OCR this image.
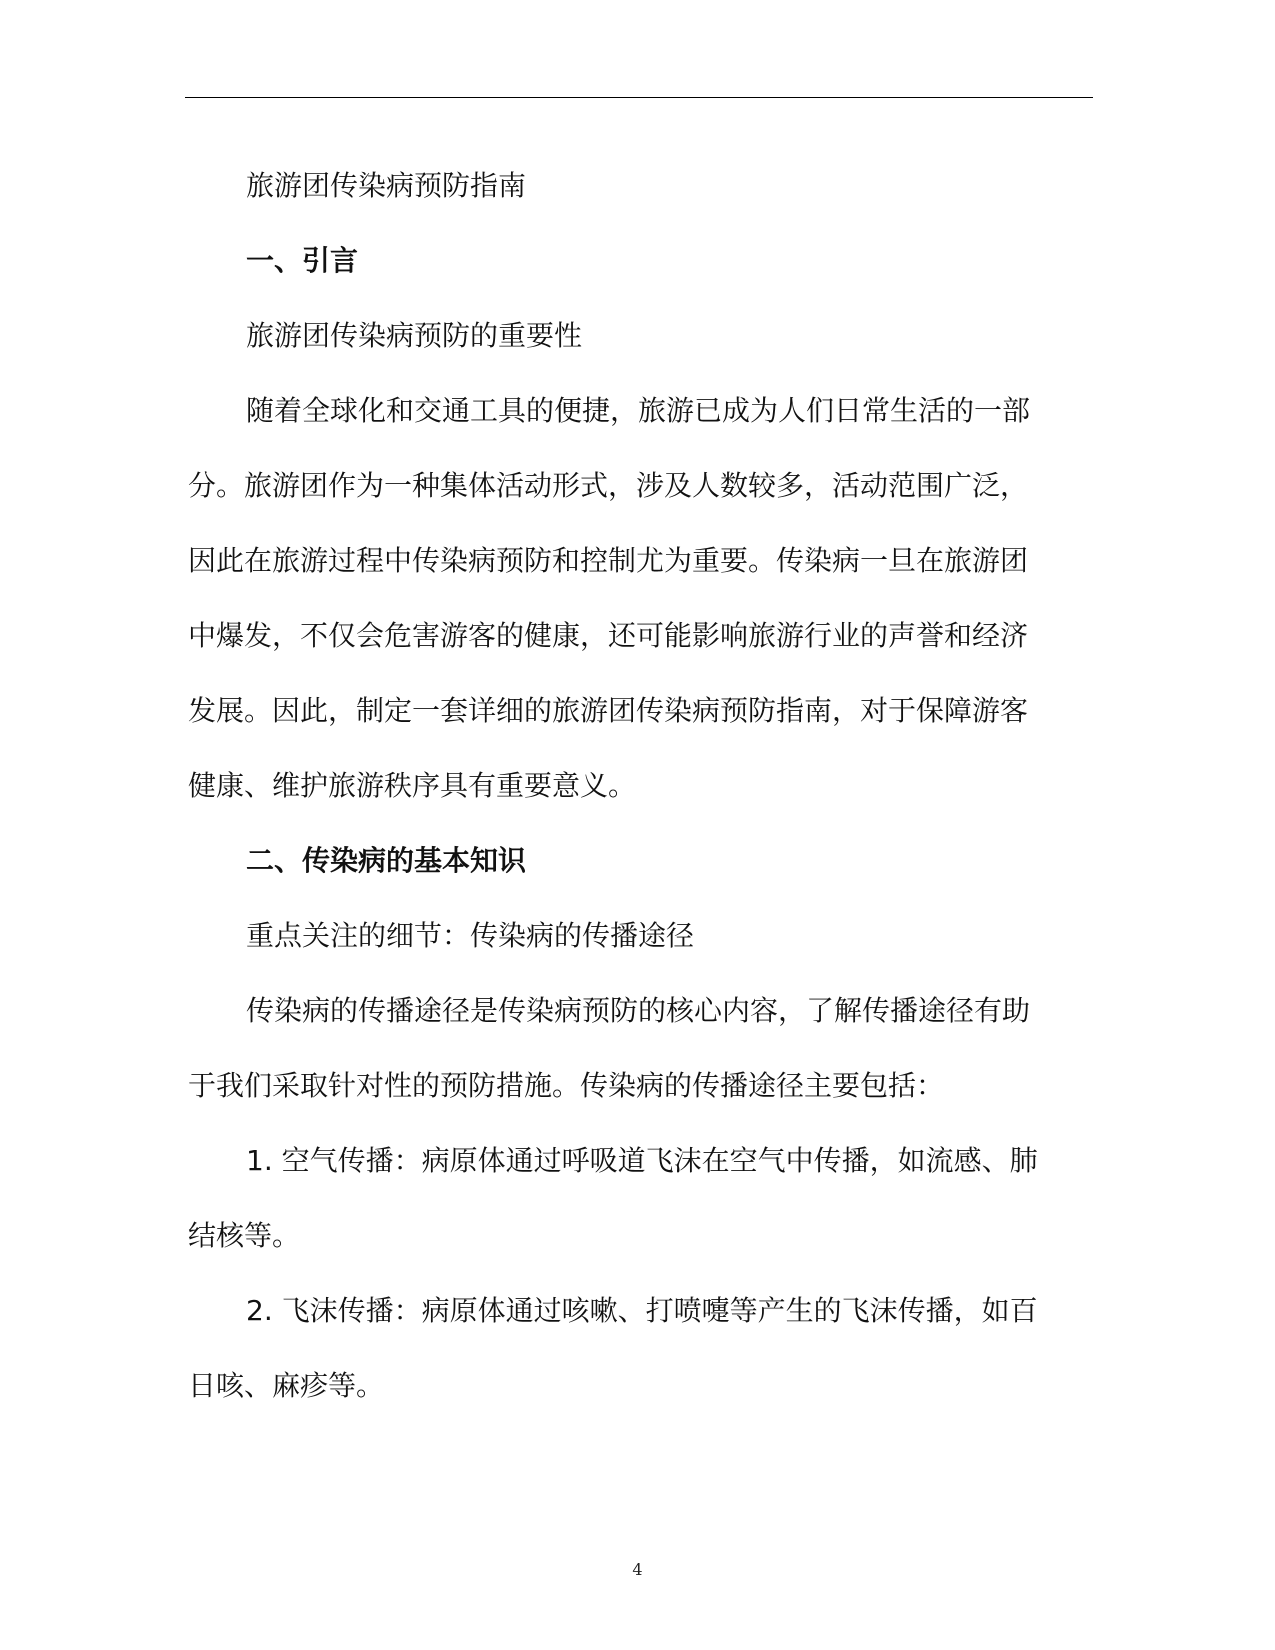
旅游团传染病预防指南

一、引言

旅游团传染病预防的重要性

随着全球化和交通工具的便捷，旅游已成为人们日常生活的一部

分。旅游团作为一种集体活动形式，涉及人数较多，活动范围广泛，

因此在旅游过程中传染病预防和控制尤为重要。传染病一旦在旅游团

中爆发，不仅会危害游客的健康，还可能影响旅游行业的声誉和经济

发展。因此，制定一套详细的旅游团传染病预防指南，对于保障游客

健康、维护旅游秩序具有重要意义。

二、传染病的基本知识

重点关注的细节：传染病的传播途径

传染病的传播途径是传染病预防的核心内容，了解传播途径有助

于我们采取针对性的预防措施。传染病的传播途径主要包括：

1. 空气传播：病原体通过呼吸道飞沫在空气中传播，如流感、肺

结核等。

2. 飞沫传播：病原体通过咳嗽、打喷嚏等产生的飞沫传播，如百

日咳、麻疹等。

4
